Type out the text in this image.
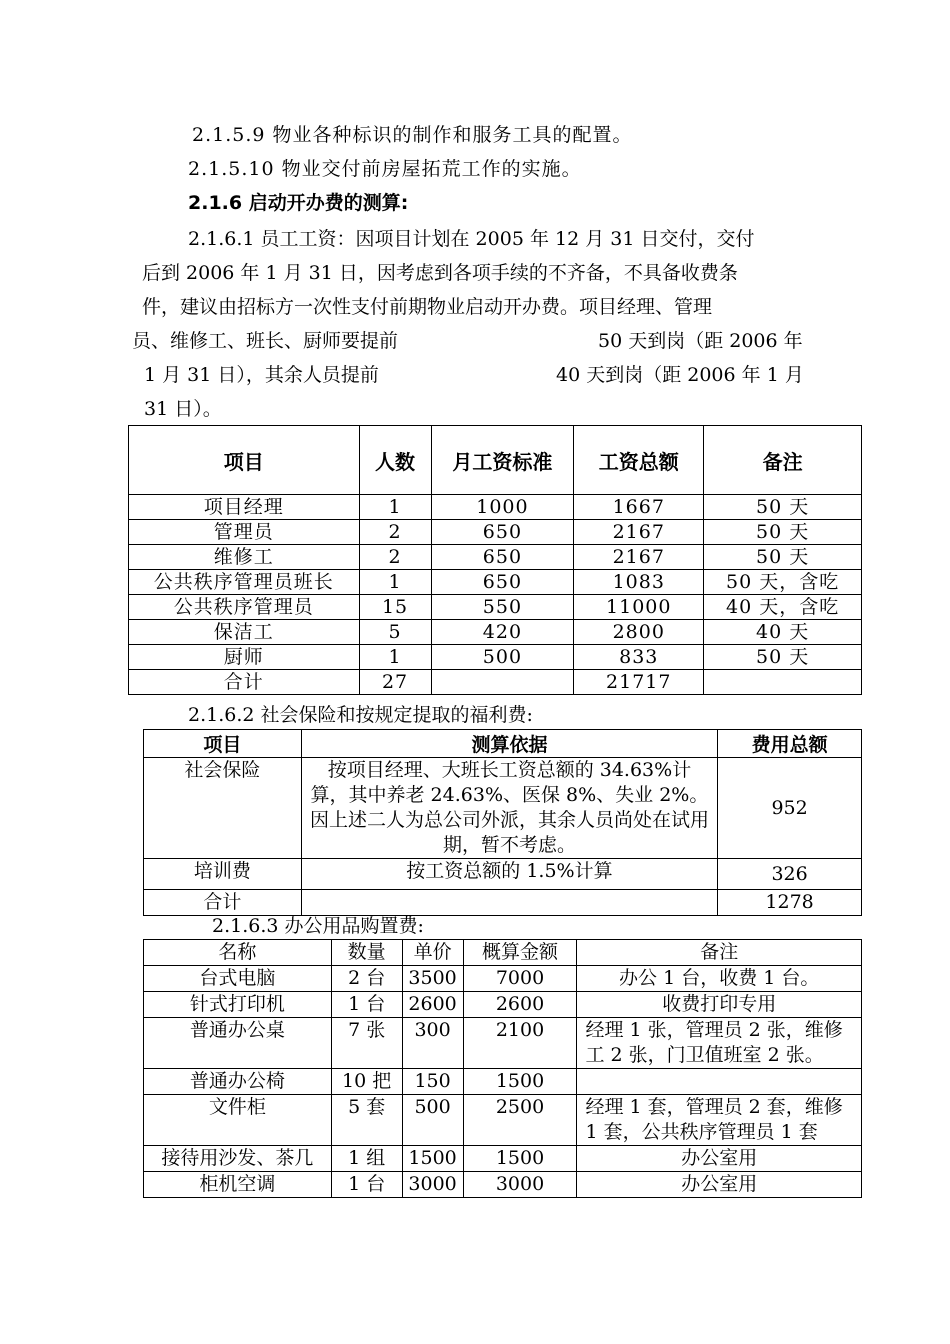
2.1.5.9 物业各种标识的制作和服务工具的配置。
2.1.5.10 物业交付前房屋拓荒工作的实施。
2.1.6 启动开办费的测算:
2.1.6.1 员工工资：因项目计划在 2005 年 12 月 31 日交付，交付
后到 2006 年 1 月 31 日，因考虑到各项手续的不齐备，不具备收费条
件，建议由招标方一次性支付前期物业启动开办费。项目经理、管理
员、维修工、班长、厨师要提前	50 天到岗（距 2006 年
1 月 31 日），其余人员提前	40 天到岗（距 2006 年 1 月
31 日）。
项目	人数	月工资标准	工资总额	备注
项目经理	1	1000	1667	50 天
管理员	2	650	2167	50 天
维修工	2	650	2167	50 天
公共秩序管理员班长	1	650	1083	50 天，含吃
公共秩序管理员	15	550	11000	40 天，含吃
保洁工	5	420	2800	40 天
厨师	1	500	833	50 天
合计	27		21717	
2.1.6.2 社会保险和按规定提取的福利费:
项目	测算依据	费用总额
社会保险	按项目经理、大班长工资总额的 34.63%计算，其中养老 24.63%、医保 8%、失业 2%。因上述二人为总公司外派，其余人员尚处在试用期，暂不考虑。	952
培训费	按工资总额的 1.5%计算	326
合计		1278
2.1.6.3 办公用品购置费:
名称	数量	单价	概算金额	备注
台式电脑	2 台	3500	7000	办公 1 台，收费 1 台。
针式打印机	1 台	2600	2600	收费打印专用
普通办公桌	7 张	300	2100	经理 1 张，管理员 2 张，维修工 2 张，门卫值班室 2 张。
普通办公椅	10 把	150	1500	
文件柜	5 套	500	2500	经理 1 套，管理员 2 套，维修 1 套，公共秩序管理员 1 套
接待用沙发、茶几	1 组	1500	1500	办公室用
柜机空调	1 台	3000	3000	办公室用
